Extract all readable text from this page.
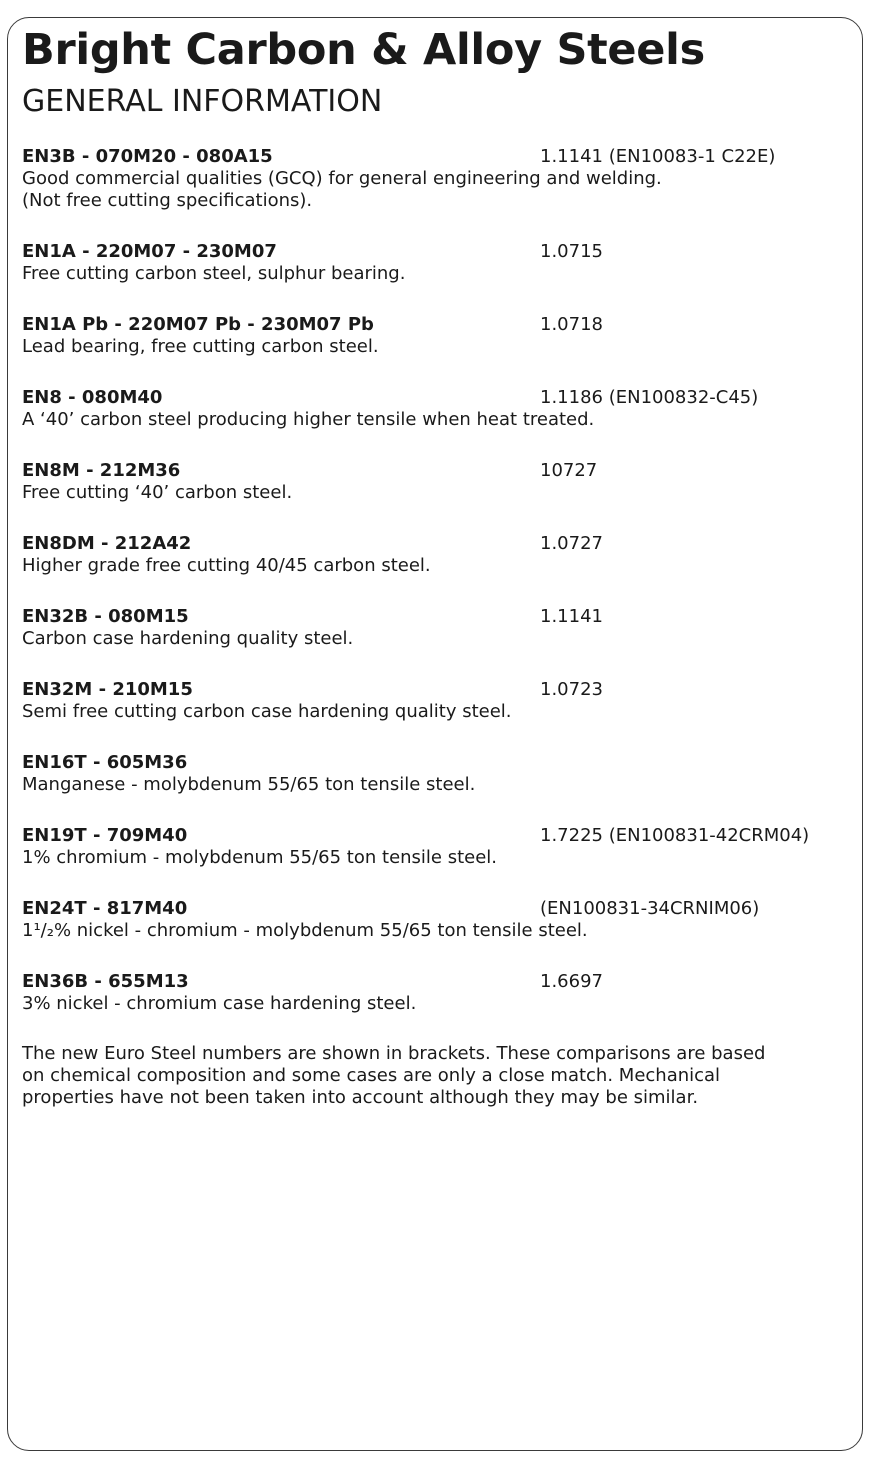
Bright Carbon & Alloy Steels
GENERAL INFORMATION
EN3B - 070M20 - 080A15	1.1141 (EN10083-1 C22E)
Good commercial qualities (GCQ) for general engineering and welding.
(Not free cutting specifications).
EN1A - 220M07 - 230M07	1.0715
Free cutting carbon steel, sulphur bearing.
EN1A Pb - 220M07 Pb - 230M07 Pb	1.0718
Lead bearing, free cutting carbon steel.
EN8 - 080M40	1.1186 (EN100832-C45)
A ‘40’ carbon steel producing higher tensile when heat treated.
EN8M - 212M36	10727
Free cutting ‘40’ carbon steel.
EN8DM - 212A42	1.0727
Higher grade free cutting 40/45 carbon steel.
EN32B - 080M15	1.1141
Carbon case hardening quality steel.
EN32M - 210M15	1.0723
Semi free cutting carbon case hardening quality steel.
EN16T - 605M36
Manganese - molybdenum 55/65 ton tensile steel.
EN19T - 709M40	1.7225 (EN100831-42CRM04)
1% chromium - molybdenum 55/65 ton tensile steel.
EN24T - 817M40	(EN100831-34CRNIM06)
1¹/₂% nickel - chromium - molybdenum 55/65 ton tensile steel.
EN36B - 655M13	1.6697
3% nickel - chromium case hardening steel.

The new Euro Steel numbers are shown in brackets. These comparisons are based
on chemical composition and some cases are only a close match. Mechanical
properties have not been taken into account although they may be similar.
